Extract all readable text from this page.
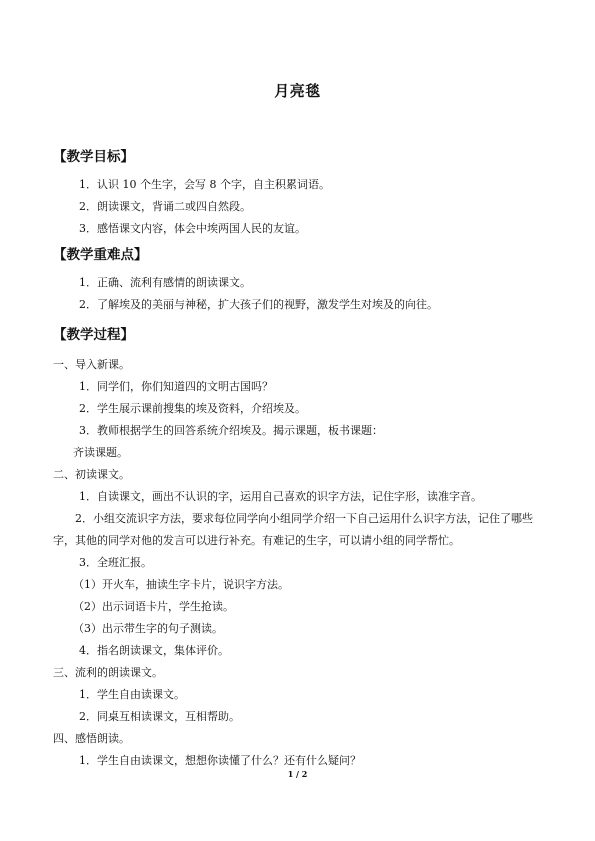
月亮毯
【教学目标】
1．认识 10 个生字，会写 8 个字，自主积累词语。
2．朗读课文，背诵二或四自然段。
3．感悟课文内容，体会中埃两国人民的友谊。
【教学重难点】
1．正确、流利有感情的朗读课文。
2．了解埃及的美丽与神秘，扩大孩子们的视野，激发学生对埃及的向往。
【教学过程】
一、导入新课。
1．同学们，你们知道四的文明古国吗？
2．学生展示课前搜集的埃及资料，介绍埃及。
3．教师根据学生的回答系统介绍埃及。揭示课题，板书课题：
齐读课题。
二、初读课文。
1．自读课文，画出不认识的字，运用自己喜欢的识字方法，记住字形，读准字音。
2．小组交流识字方法，要求每位同学向小组同学介绍一下自己运用什么识字方法，记住了哪些字，其他的同学对他的发言可以进行补充。有难记的生字，可以请小组的同学帮忙。
3．全班汇报。
（1）开火车，抽读生字卡片，说识字方法。
（2）出示词语卡片，学生抢读。
（3）出示带生字的句子测读。
4．指名朗读课文，集体评价。
三、流利的朗读课文。
1．学生自由读课文。
2．同桌互相读课文，互相帮助。
四、感悟朗读。
1．学生自由读课文，想想你读懂了什么？还有什么疑问？
1 / 2
